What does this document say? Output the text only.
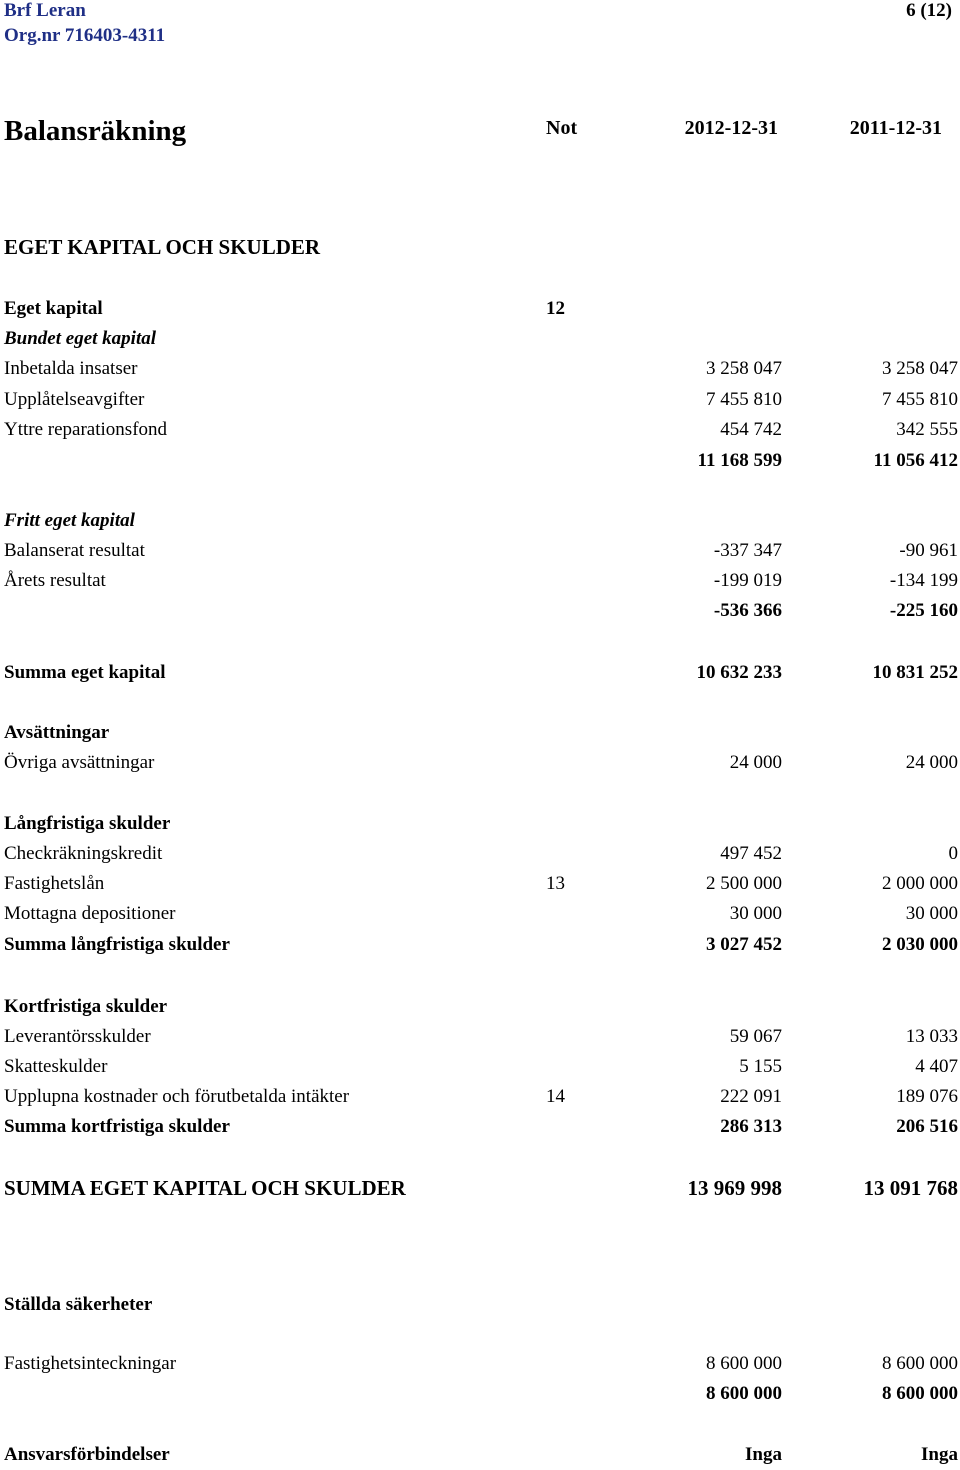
Brf Leran
Org.nr 716403-4311
6 (12)
Balansräkning	Not	2012-12-31	2011-12-31
EGET KAPITAL OCH SKULDER
Eget kapital	12
Bundet eget kapital
Inbetalda insatser	3 258 047	3 258 047
Upplåtelseavgifter	7 455 810	7 455 810
Yttre reparationsfond	454 742	342 555
11 168 599	11 056 412
Fritt eget kapital
Balanserat resultat	-337 347	-90 961
Årets resultat	-199 019	-134 199
-536 366	-225 160
Summa eget kapital	10 632 233	10 831 252
Avsättningar
Övriga avsättningar	24 000	24 000
Långfristiga skulder
Checkräkningskredit	497 452	0
Fastighetslån	13	2 500 000	2 000 000
Mottagna depositioner	30 000	30 000
Summa långfristiga skulder	3 027 452	2 030 000
Kortfristiga skulder
Leverantörsskulder	59 067	13 033
Skatteskulder	5 155	4 407
Upplupna kostnader och förutbetalda intäkter	14	222 091	189 076
Summa kortfristiga skulder	286 313	206 516
SUMMA EGET KAPITAL OCH SKULDER	13 969 998	13 091 768
Ställda säkerheter
Fastighetsinteckningar	8 600 000	8 600 000
8 600 000	8 600 000
Ansvarsförbindelser	Inga	Inga
